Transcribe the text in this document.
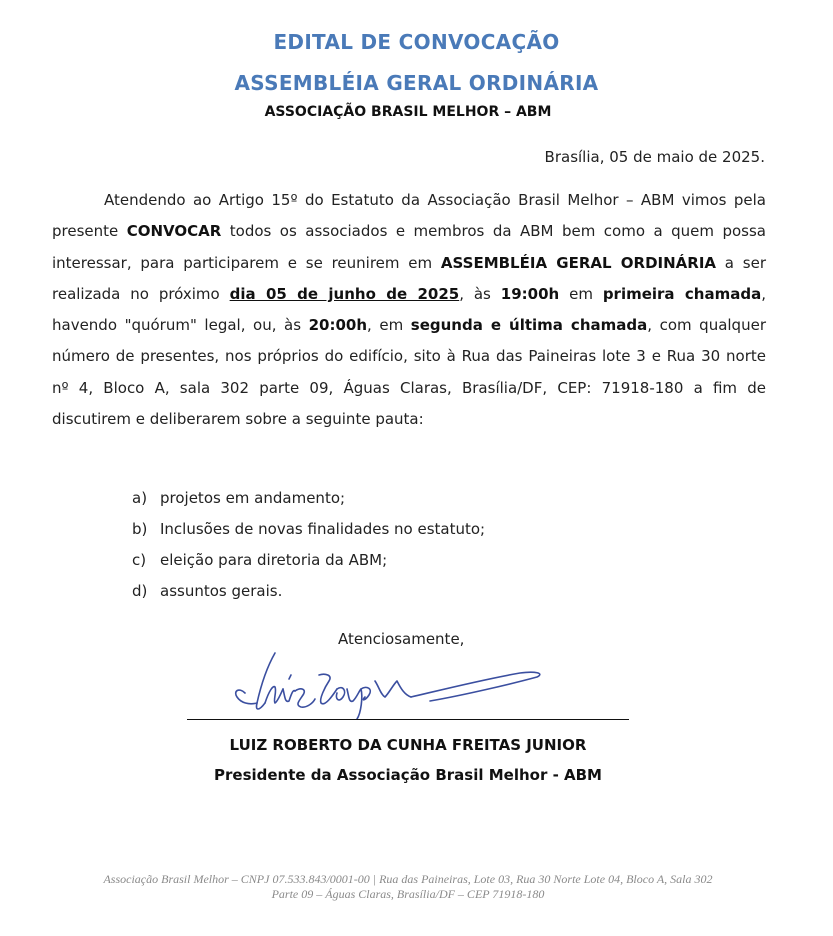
EDITAL DE CONVOCAÇÃO
ASSEMBLÉIA GERAL ORDINÁRIA
ASSOCIAÇÃO BRASIL MELHOR – ABM
Brasília, 05 de maio de 2025.
Atendendo ao Artigo 15º do Estatuto da Associação Brasil Melhor – ABM vimos pela presente CONVOCAR todos os associados e membros da ABM bem como a quem possa interessar, para participarem e se reunirem em ASSEMBLÉIA GERAL ORDINÁRIA a ser realizada no próximo dia 05 de junho de 2025, às 19:00h em primeira chamada, havendo "quórum" legal, ou, às 20:00h, em segunda e última chamada, com qualquer número de presentes, nos próprios do edifício, sito à Rua das Paineiras lote 3 e Rua 30 norte nº 4, Bloco A, sala 302 parte 09, Águas Claras, Brasília/DF, CEP: 71918-180 a fim de discutirem e deliberarem sobre a seguinte pauta:
a) projetos em andamento;
b) Inclusões de novas finalidades no estatuto;
c) eleição para diretoria da ABM;
d) assuntos gerais.
Atenciosamente,
LUIZ ROBERTO DA CUNHA FREITAS JUNIOR
Presidente da Associação Brasil Melhor - ABM
Associação Brasil Melhor – CNPJ 07.533.843/0001-00 | Rua das Paineiras, Lote 03, Rua 30 Norte Lote 04, Bloco A, Sala 302
Parte 09 – Águas Claras, Brasília/DF – CEP 71918-180
